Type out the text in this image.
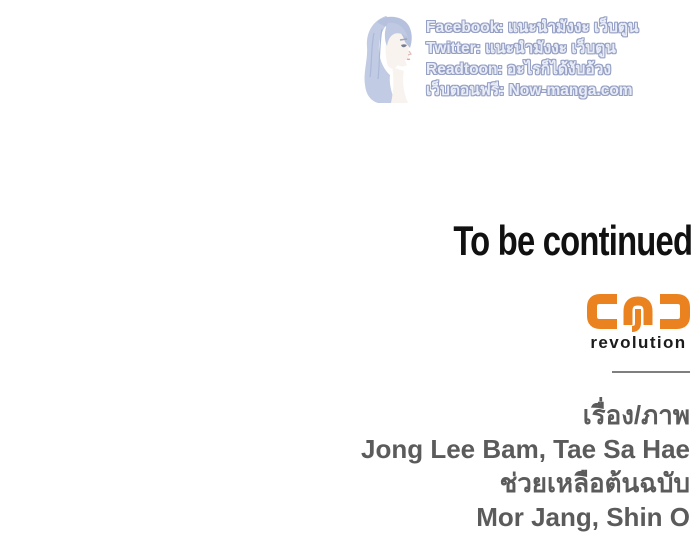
Facebook: แนะนำมังงะ เว็บตูน
Twitter: แนะนำมังงะ เว็บตูน
Readtoon: อะไรก็ได้งับอ้วง
เว็บตอนฟรี: Now-manga.com
To be continued
revolution
เรื่อง/ภาพ
Jong Lee Bam, Tae Sa Hae
ช่วยเหลือต้นฉบับ
Mor Jang, Shin O
